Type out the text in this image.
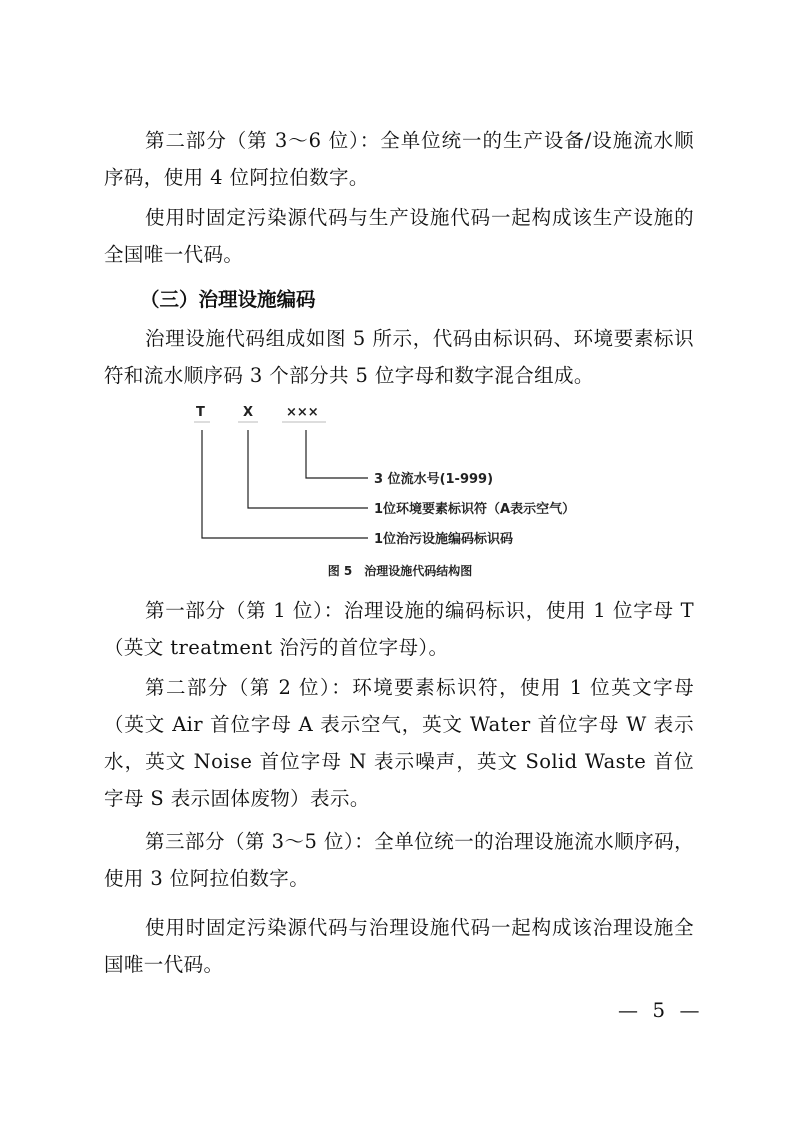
第二部分（第 3～6 位）：全单位统一的生产设备/设施流水顺序码，使用 4 位阿拉伯数字。

使用时固定污染源代码与生产设施代码一起构成该生产设施的全国唯一代码。

（三）治理设施编码

治理设施代码组成如图 5 所示，代码由标识码、环境要素标识符和流水顺序码 3 个部分共 5 位字母和数字混合组成。

T	X	×××
3 位流水号(1-999)
1位环境要素标识符（A表示空气）
1位治污设施编码标识码

图 5　治理设施代码结构图

第一部分（第 1 位）：治理设施的编码标识，使用 1 位字母 T（英文 treatment 治污的首位字母）。

第二部分（第 2 位）：环境要素标识符，使用 1 位英文字母（英文 Air 首位字母 A 表示空气，英文 Water 首位字母 W 表示水，英文 Noise 首位字母 N 表示噪声，英文 Solid Waste 首位字母 S 表示固体废物）表示。

第三部分（第 3～5 位）：全单位统一的治理设施流水顺序码，使用 3 位阿拉伯数字。

使用时固定污染源代码与治理设施代码一起构成该治理设施全国唯一代码。

— 5 —
